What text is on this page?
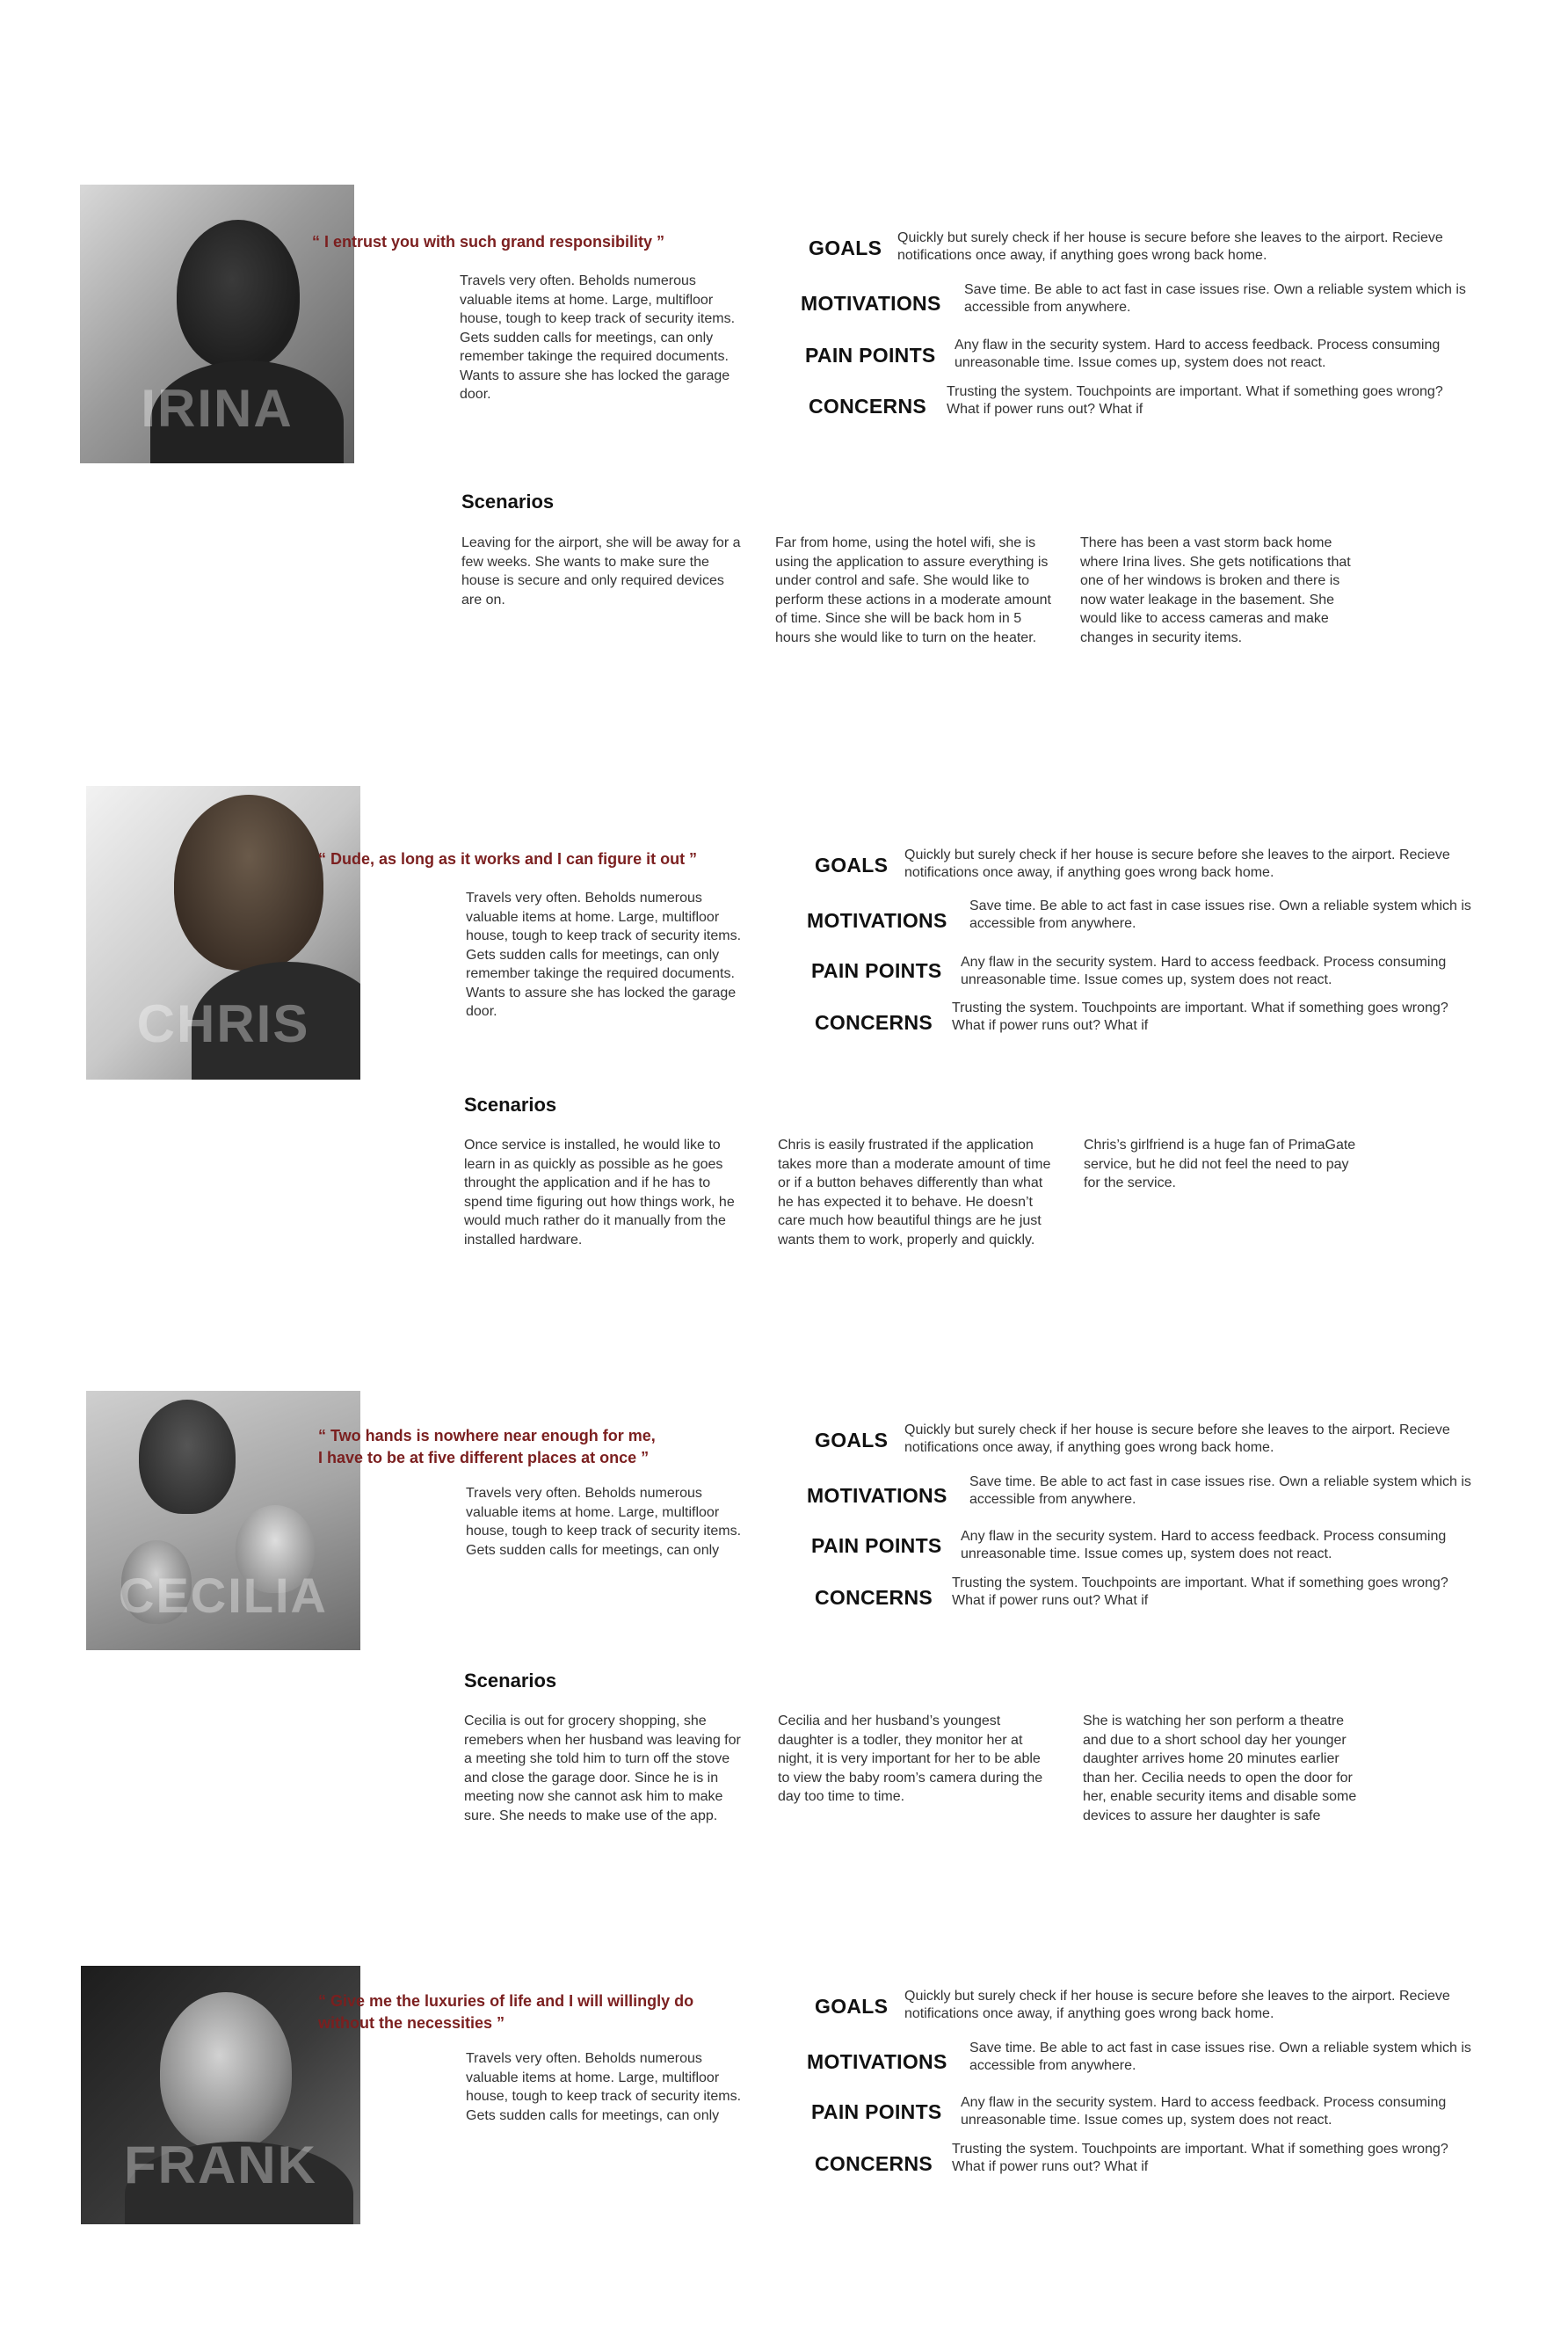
IRINA
“ I entrust you with such grand responsibility ”
Travels very often. Beholds numerous valuable items at home. Large, multifloor house, tough to keep track of security items. Gets sudden calls for meetings, can only remember takinge the required documents. Wants to assure she has locked the garage door.
GOALS Quickly but surely check if her house is secure before she leaves to the airport. Recieve notifications once away, if anything goes wrong back home.
MOTIVATIONS
Save time. Be able to act fast in case issues rise. Own a reliable system which is accessible from anywhere.
PAIN POINTS Any flaw in the security system. Hard to access feedback. Process consuming unreasonable time. Issue comes up, system does not react.
CONCERNS
Trusting the system. Touchpoints are important. What if something goes wrong? What if power runs out? What if
Scenarios
Leaving for the airport, she will be away for a few weeks. She wants to make sure the house is secure and only required devices are on.
Far from home, using the hotel wifi, she is using the application to assure everything is under control and safe. She would like to perform these actions in a moderate amount of time. Since she will be back hom in 5 hours she would like to turn on the heater.
There has been a vast storm back home where Irina lives. She gets notifications that one of her windows is broken and there is now water leakage in the basement. She would like to access cameras and make changes in security items.
CHRIS
“ Dude, as long as it works and I can figure it out ”
Travels very often. Beholds numerous valuable items at home. Large, multifloor house, tough to keep track of security items. Gets sudden calls for meetings, can only remember takinge the required documents. Wants to assure she has locked the garage door.
GOALS Quickly but surely check if her house is secure before she leaves to the airport. Recieve notifications once away, if anything goes wrong back home.
MOTIVATIONS
Save time. Be able to act fast in case issues rise. Own a reliable system which is accessible from anywhere.
PAIN POINTS Any flaw in the security system. Hard to access feedback. Process consuming unreasonable time. Issue comes up, system does not react.
CONCERNS
Trusting the system. Touchpoints are important. What if something goes wrong? What if power runs out? What if
Scenarios
Once service is installed, he would like to learn in as quickly as possible as he goes throught the application and if he has to spend time figuring out how things work, he would much rather do it manually from the installed hardware.
Chris is easily frustrated if the application takes more than a moderate amount of time or if a button behaves differently than what he has expected it to behave. He doesn’t care much how beautiful things are he just wants them to work, properly and quickly.
Chris’s girlfriend is a huge fan of PrimaGate service, but he did not feel the need to pay for the service.
CECILIA
“ Two hands is nowhere near enough for me,
I have to be at five different places at once ”
Travels very often. Beholds numerous valuable items at home. Large, multifloor house, tough to keep track of security items. Gets sudden calls for meetings, can only
GOALS Quickly but surely check if her house is secure before she leaves to the airport. Recieve notifications once away, if anything goes wrong back home.
MOTIVATIONS
Save time. Be able to act fast in case issues rise. Own a reliable system which is accessible from anywhere.
PAIN POINTS Any flaw in the security system. Hard to access feedback. Process consuming unreasonable time. Issue comes up, system does not react.
CONCERNS
Trusting the system. Touchpoints are important. What if something goes wrong? What if power runs out? What if
Scenarios
Cecilia is out for grocery shopping, she remebers when her husband was leaving for a meeting she told him to turn off the stove and close the garage door. Since he is in meeting now she cannot ask him to make sure. She needs to make use of the app.
Cecilia and her husband’s youngest daughter is a todler, they monitor her at night, it is very important for her to be able to view the baby room’s camera during the day too time to time.
She is watching her son perform a theatre and due to a short school day her younger daughter arrives home 20 minutes earlier than her. Cecilia needs to open the door for her, enable security items and disable some devices to assure her daughter is safe
FRANK
“ Give me the luxuries of life and I will willingly do
without the necessities ”
Travels very often. Beholds numerous valuable items at home. Large, multifloor house, tough to keep track of security items. Gets sudden calls for meetings, can only
GOALS Quickly but surely check if her house is secure before she leaves to the airport. Recieve notifications once away, if anything goes wrong back home.
MOTIVATIONS
Save time. Be able to act fast in case issues rise. Own a reliable system which is accessible from anywhere.
PAIN POINTS Any flaw in the security system. Hard to access feedback. Process consuming unreasonable time. Issue comes up, system does not react.
CONCERNS
Trusting the system. Touchpoints are important. What if something goes wrong? What if power runs out? What if
